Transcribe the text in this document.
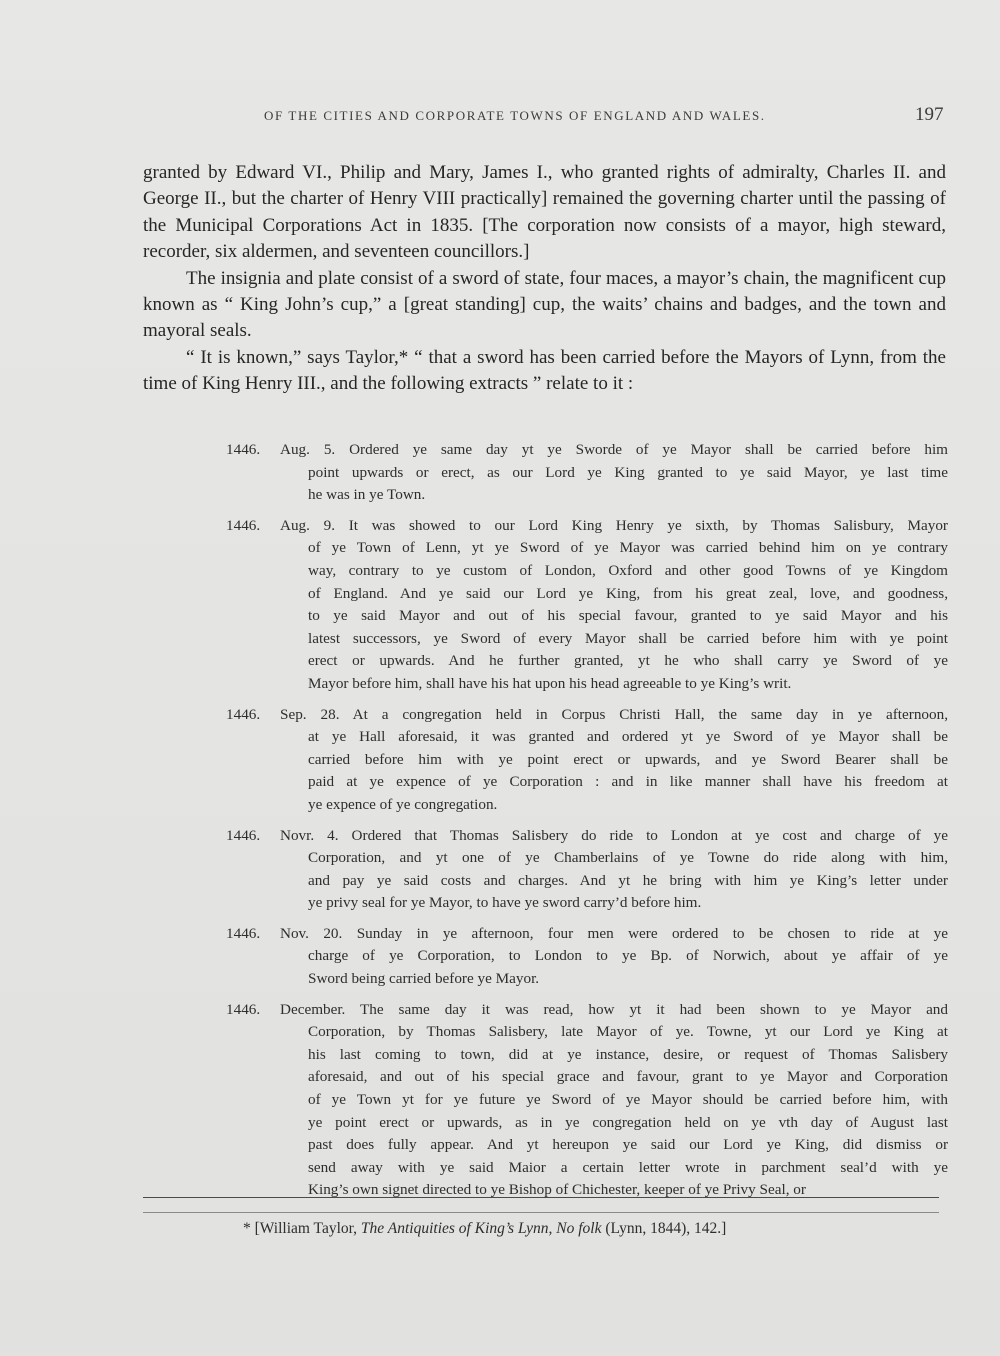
OF THE CITIES AND CORPORATE TOWNS OF ENGLAND AND WALES.	197

granted by Edward VI., Philip and Mary, James I., who granted rights of admiralty, Charles II. and George II., but the charter of Henry VIII practically] remained the governing charter until the passing of the Municipal Corporations Act in 1835. [The corporation now consists of a mayor, high steward, recorder, six aldermen, and seventeen councillors.]

The insignia and plate consist of a sword of state, four maces, a mayor’s chain, the magnificent cup known as “ King John’s cup,” a [great standing] cup, the waits’ chains and badges, and the town and mayoral seals.

“ It is known,” says Taylor,* “ that a sword has been carried before the Mayors of Lynn, from the time of King Henry III., and the following extracts ” relate to it :

1446. Aug. 5. Ordered ye same day yt ye Sworde of ye Mayor shall be carried before him
point upwards or erect, as our Lord ye King granted to ye said Mayor, ye last time
he was in ye Town.
1446. Aug. 9. It was showed to our Lord King Henry ye sixth, by Thomas Salisbury, Mayor
of ye Town of Lenn, yt ye Sword of ye Mayor was carried behind him on ye contrary
way, contrary to ye custom of London, Oxford and other good Towns of ye Kingdom
of England. And ye said our Lord ye King, from his great zeal, love, and goodness,
to ye said Mayor and out of his special favour, granted to ye said Mayor and his
latest successors, ye Sword of every Mayor shall be carried before him with ye point
erect or upwards. And he further granted, yt he who shall carry ye Sword of ye
Mayor before him, shall have his hat upon his head agreeable to ye King’s writ.
1446. Sep. 28. At a congregation held in Corpus Christi Hall, the same day in ye afternoon,
at ye Hall aforesaid, it was granted and ordered yt ye Sword of ye Mayor shall be
carried before him with ye point erect or upwards, and ye Sword Bearer shall be
paid at ye expence of ye Corporation : and in like manner shall have his freedom at
ye expence of ye congregation.
1446. Novr. 4. Ordered that Thomas Salisbery do ride to London at ye cost and charge of ye
Corporation, and yt one of ye Chamberlains of ye Towne do ride along with him,
and pay ye said costs and charges. And yt he bring with him ye King’s letter under
ye privy seal for ye Mayor, to have ye sword carry’d before him.
1446. Nov. 20. Sunday in ye afternoon, four men were ordered to be chosen to ride at ye
charge of ye Corporation, to London to ye Bp. of Norwich, about ye affair of ye
Sword being carried before ye Mayor.
1446. December. The same day it was read, how yt it had been shown to ye Mayor and
Corporation, by Thomas Salisbery, late Mayor of ye. Towne, yt our Lord ye King at
his last coming to town, did at ye instance, desire, or request of Thomas Salisbery
aforesaid, and out of his special grace and favour, grant to ye Mayor and Corporation
of ye Town yt for ye future ye Sword of ye Mayor should be carried before him, with
ye point erect or upwards, as in ye congregation held on ye vth day of August last
past does fully appear. And yt hereupon ye said our Lord ye King, did dismiss or
send away with ye said Maior a certain letter wrote in parchment seal’d with ye
King’s own signet directed to ye Bishop of Chichester, keeper of ye Privy Seal, or
* [William Taylor, The Antiquities of King’s Lynn, No folk (Lynn, 1844), 142.]
